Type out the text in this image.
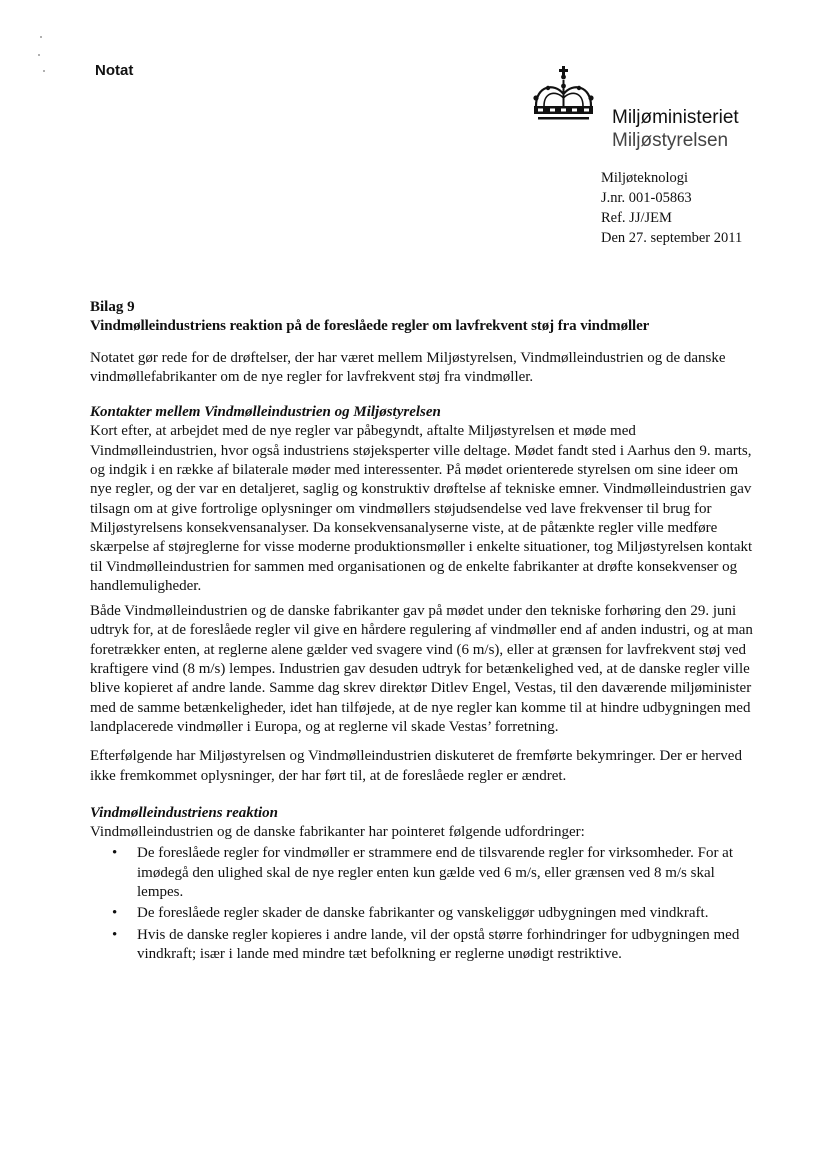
Notat
Miljøministeriet
Miljøstyrelsen
Miljøteknologi
J.nr. 001-05863
Ref. JJ/JEM
Den 27. september 2011

Bilag 9

Vindmølleindustriens reaktion på de foreslåede regler om lavfrekvent støj fra vindmøller

Notatet gør rede for de drøftelser, der har været mellem Miljøstyrelsen, Vindmølleindustrien og de danske vindmøllefabrikanter om de nye regler for lavfrekvent støj fra vindmøller.

Kontakter mellem Vindmølleindustrien og Miljøstyrelsen

Kort efter, at arbejdet med de nye regler var påbegyndt, aftalte Miljøstyrelsen et møde med Vindmølleindustrien, hvor også industriens støjeksperter ville deltage. Mødet fandt sted i Aarhus den 9. marts, og indgik i en række af bilaterale møder med interessenter. På mødet orienterede styrelsen om sine ideer om nye regler, og der var en detaljeret, saglig og konstruktiv drøftelse af tekniske emner. Vindmølleindustrien gav tilsagn om at give fortrolige oplysninger om vindmøllers støjudsendelse ved lave frekvenser til brug for Miljøstyrelsens konsekvensanalyser. Da konsekvensanalyserne viste, at de påtænkte regler ville medføre skærpelse af støjreglerne for visse moderne produktionsmøller i enkelte situationer, tog Miljøstyrelsen kontakt til Vindmølleindustrien for sammen med organisationen og de enkelte fabrikanter at drøfte konsekvenser og handlemuligheder.

Både Vindmølleindustrien og de danske fabrikanter gav på mødet under den tekniske forhøring den 29. juni udtryk for, at de foreslåede regler vil give en hårdere regulering af vindmøller end af anden industri, og at man foretrækker enten, at reglerne alene gælder ved svagere vind (6 m/s), eller at grænsen for lavfrekvent støj ved kraftigere vind (8 m/s) lempes. Industrien gav desuden udtryk for betænkelighed ved, at de danske regler ville blive kopieret af andre lande. Samme dag skrev direktør Ditlev Engel, Vestas, til den daværende miljøminister med de samme betænkeligheder, idet han tilføjede, at de nye regler kan komme til at hindre udbygningen med landplacerede vindmøller i Europa, og at reglerne vil skade Vestas’ forretning.

Efterfølgende har Miljøstyrelsen og Vindmølleindustrien diskuteret de fremførte bekymringer. Der er herved ikke fremkommet oplysninger, der har ført til, at de foreslåede regler er ændret.

Vindmølleindustriens reaktion

Vindmølleindustrien og de danske fabrikanter har pointeret følgende udfordringer:

• De foreslåede regler for vindmøller er strammere end de tilsvarende regler for virksomheder. For at imødegå den ulighed skal de nye regler enten kun gælde ved 6 m/s, eller grænsen ved 8 m/s skal lempes.
• De foreslåede regler skader de danske fabrikanter og vanskeliggør udbygningen med vindkraft.
• Hvis de danske regler kopieres i andre lande, vil der opstå større forhindringer for udbygningen med vindkraft; især i lande med mindre tæt befolkning er reglerne unødigt restriktive.
